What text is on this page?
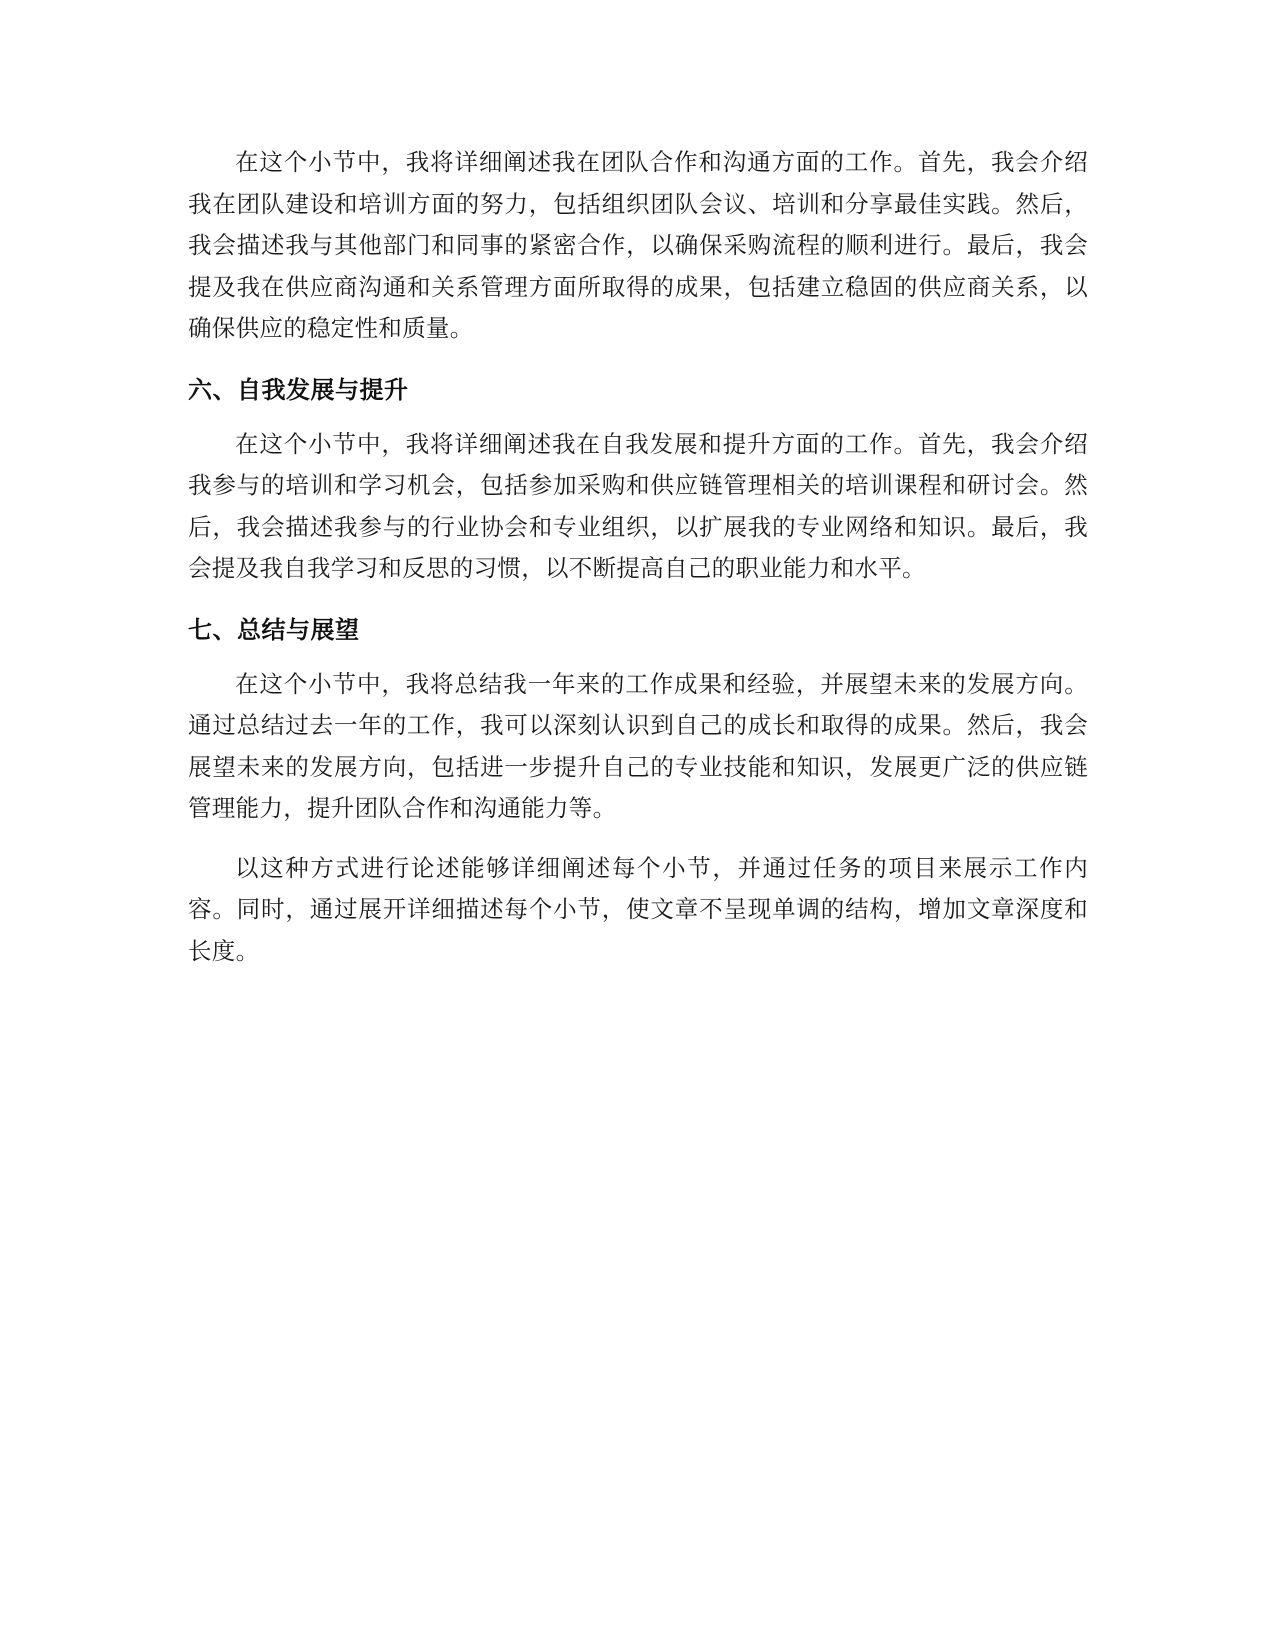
在这个小节中，我将详细阐述我在团队合作和沟通方面的工作。首先，我会介绍我在团队建设和培训方面的努力，包括组织团队会议、培训和分享最佳实践。然后，我会描述我与其他部门和同事的紧密合作，以确保采购流程的顺利进行。最后，我会提及我在供应商沟通和关系管理方面所取得的成果，包括建立稳固的供应商关系，以确保供应的稳定性和质量。

六、自我发展与提升

在这个小节中，我将详细阐述我在自我发展和提升方面的工作。首先，我会介绍我参与的培训和学习机会，包括参加采购和供应链管理相关的培训课程和研讨会。然后，我会描述我参与的行业协会和专业组织，以扩展我的专业网络和知识。最后，我会提及我自我学习和反思的习惯，以不断提高自己的职业能力和水平。

七、总结与展望

在这个小节中，我将总结我一年来的工作成果和经验，并展望未来的发展方向。通过总结过去一年的工作，我可以深刻认识到自己的成长和取得的成果。然后，我会展望未来的发展方向，包括进一步提升自己的专业技能和知识，发展更广泛的供应链管理能力，提升团队合作和沟通能力等。

以这种方式进行论述能够详细阐述每个小节，并通过任务的项目来展示工作内容。同时，通过展开详细描述每个小节，使文章不呈现单调的结构，增加文章深度和长度。
